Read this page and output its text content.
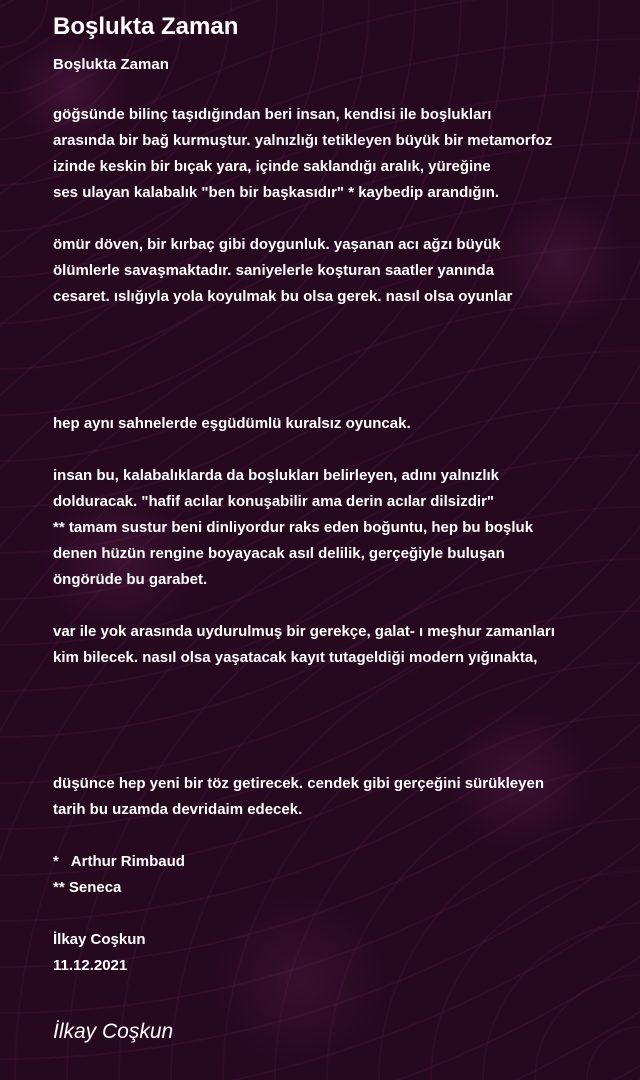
Boşlukta Zaman
Boşlukta Zaman
göğsünde bilinç taşıdığından beri insan, kendisi ile boşlukları
arasında bir bağ kurmuştur. yalnızlığı tetikleyen büyük bir metamorfoz
izinde keskin bir bıçak yara, içinde saklandığı aralık, yüreğine
ses ulayan kalabalık "ben bir başkasıdır" * kaybedip arandığın.
ömür döven, bir kırbaç gibi doygunluk. yaşanan acı ağzı büyük
ölümlerle savaşmaktadır. saniyelerle koşturan saatler yanında
cesaret. ıslığıyla yola koyulmak bu olsa gerek. nasıl olsa oyunlar
hep aynı sahnelerde eşgüdümlü kuralsız oyuncak.
insan bu, kalabalıklarda da boşlukları belirleyen, adını yalnızlık
dolduracak. "hafif acılar konuşabilir ama derin acılar dilsizdir"
** tamam sustur beni dinliyordur raks eden boğuntu, hep bu boşluk
denen hüzün rengine boyayacak asıl delilik, gerçeğiyle buluşan
öngörüde bu garabet.
var ile yok arasında uydurulmuş bir gerekçe, galat- ı meşhur zamanları
kim bilecek. nasıl olsa yaşatacak kayıt tutageldiği modern yığınakta,
düşünce hep yeni bir töz getirecek. cendek gibi gerçeğini sürükleyen
tarih bu uzamda devridaim edecek.
*   Arthur Rimbaud
** Seneca
İlkay Coşkun
11.12.2021
İlkay Coşkun
